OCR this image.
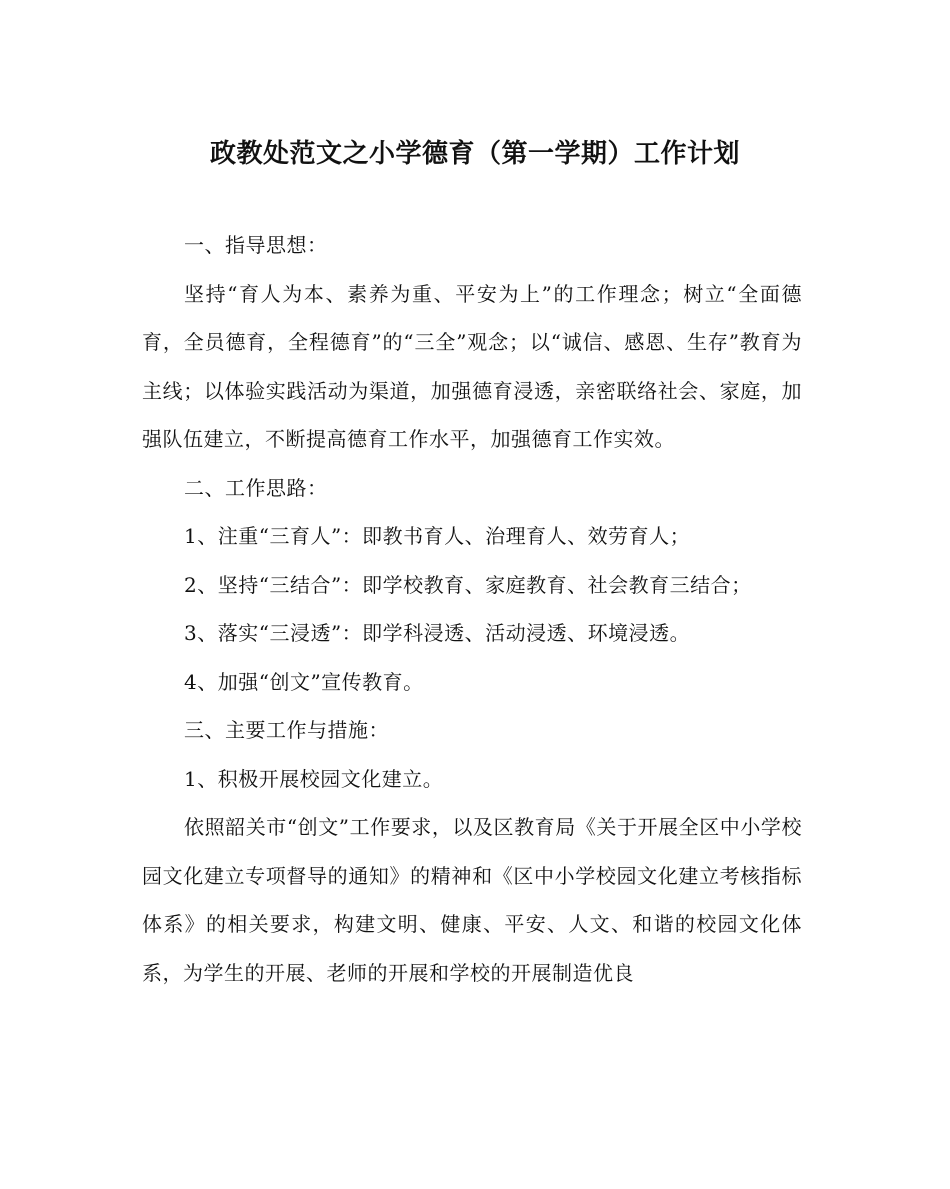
政教处范文之小学德育（第一学期）工作计划

一、指导思想：

坚持“育人为本、素养为重、平安为上”的工作理念；树立“全面德育，全员德育，全程德育”的“三全”观念；以“诚信、感恩、生存”教育为主线；以体验实践活动为渠道，加强德育浸透，亲密联络社会、家庭，加强队伍建立，不断提高德育工作水平，加强德育工作实效。

二、工作思路：

1、注重“三育人”：即教书育人、治理育人、效劳育人；

2、坚持“三结合”：即学校教育、家庭教育、社会教育三结合；

3、落实“三浸透”：即学科浸透、活动浸透、环境浸透。

4、加强“创文”宣传教育。

三、主要工作与措施：

1、积极开展校园文化建立。

依照韶关市“创文”工作要求，以及区教育局《关于开展全区中小学校园文化建立专项督导的通知》的精神和《区中小学校园文化建立考核指标体系》的相关要求，构建文明、健康、平安、人文、和谐的校园文化体系，为学生的开展、老师的开展和学校的开展制造优良
